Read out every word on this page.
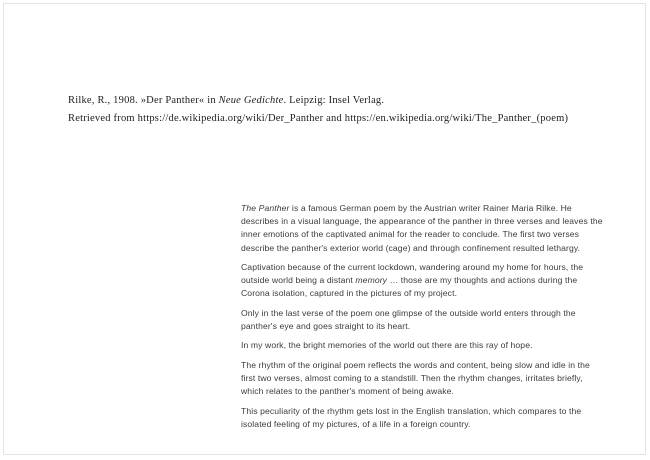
Rilke, R., 1908. »Der Panther« in Neue Gedichte. Leipzig: Insel Verlag.
Retrieved from https://de.wikipedia.org/wiki/Der_Panther and https://en.wikipedia.org/wiki/The_Panther_(poem)

The Panther is a famous German poem by the Austrian writer Rainer Maria Rilke. He describes in a visual language, the appearance of the panther in three verses and leaves the inner emotions of the captivated animal for the reader to conclude. The first two verses describe the panther's exterior world (cage) and through confinement resulted lethargy.

Captivation because of the current lockdown, wandering around my home for hours, the outside world being a distant memory … those are my thoughts and actions during the Corona isolation, captured in the pictures of my project.

Only in the last verse of the poem one glimpse of the outside world enters through the panther's eye and goes straight to its heart.

In my work, the bright memories of the world out there are this ray of hope.

The rhythm of the original poem reflects the words and content, being slow and idle in the first two verses, almost coming to a standstill. Then the rhythm changes, irritates briefly, which relates to the panther's moment of being awake.

This peculiarity of the rhythm gets lost in the English translation, which compares to the isolated feeling of my pictures, of a life in a foreign country.
